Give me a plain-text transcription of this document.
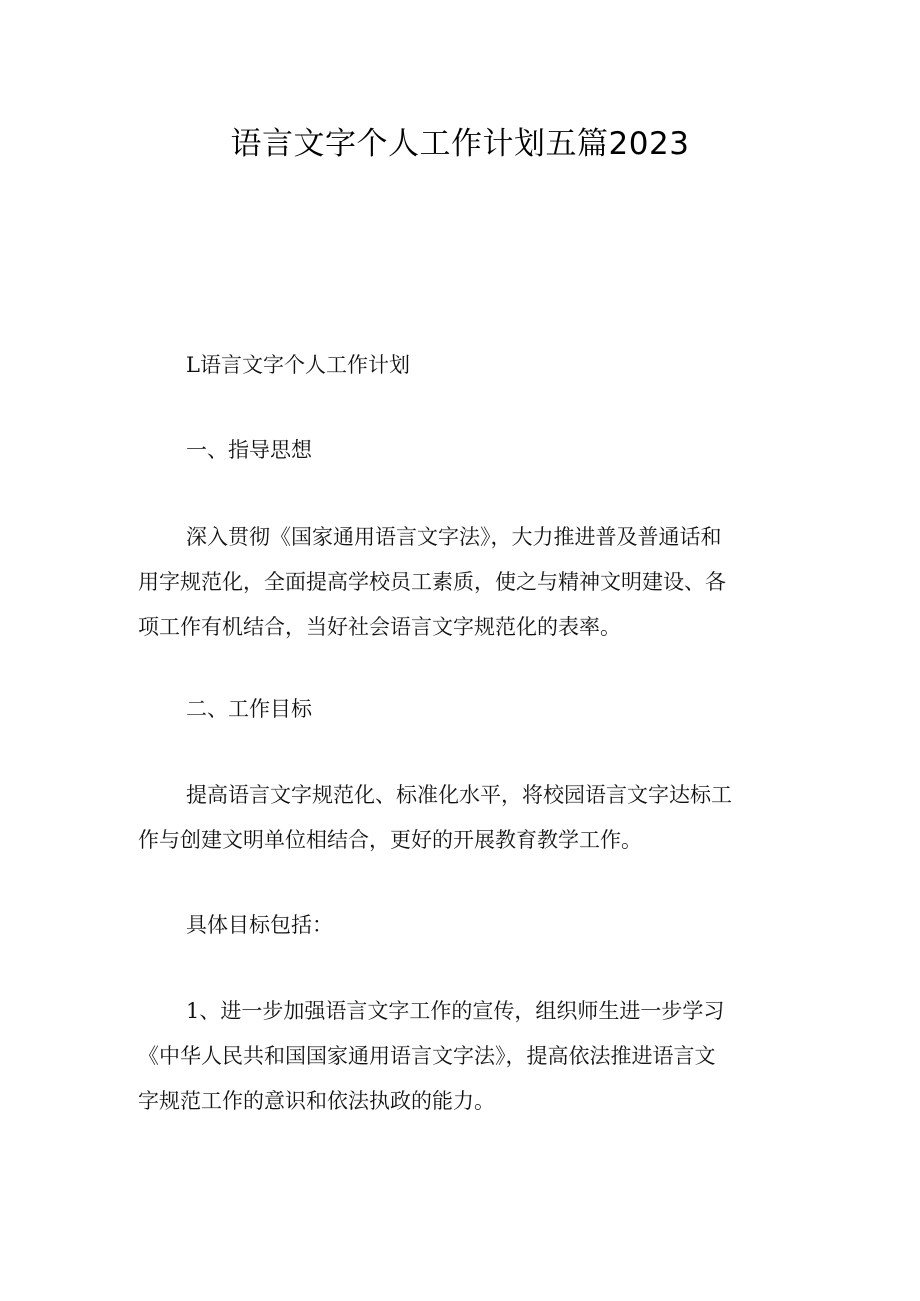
语言文字个人工作计划五篇2023
L语言文字个人工作计划
一、指导思想
深入贯彻《国家通用语言文字法》，大力推进普及普通话和
用字规范化，全面提高学校员工素质，使之与精神文明建设、各
项工作有机结合，当好社会语言文字规范化的表率。
二、工作目标
提高语言文字规范化、标准化水平，将校园语言文字达标工
作与创建文明单位相结合，更好的开展教育教学工作。
具体目标包括：
1、进一步加强语言文字工作的宣传，组织师生进一步学习
《中华人民共和国国家通用语言文字法》，提高依法推进语言文
字规范工作的意识和依法执政的能力。
